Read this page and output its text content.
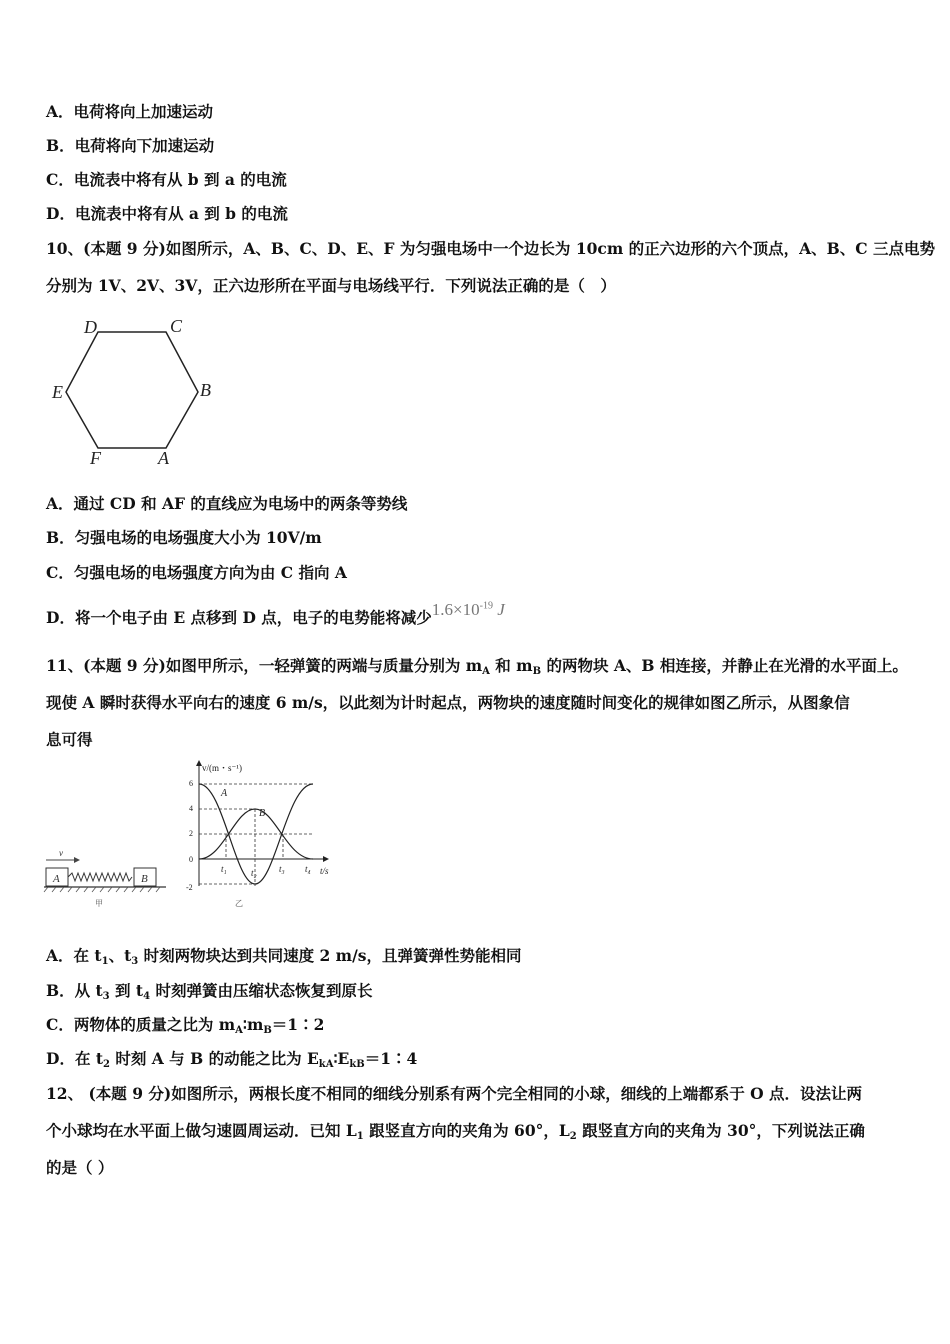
A．电荷将向上加速运动
B．电荷将向下加速运动
C．电流表中将有从 b 到 a 的电流
D．电流表中将有从 a 到 b 的电流
10、(本题 9 分)如图所示，A、B、C、D、E、F 为匀强电场中一个边长为 10cm 的正六边形的六个顶点，A、B、C 三点电势
分别为 1V、2V、3V，正六边形所在平面与电场线平行．下列说法正确的是（　）
D	C
E	B
F	A
A．通过 CD 和 AF 的直线应为电场中的两条等势线
B．匀强电场的电场强度大小为 10V/m
C．匀强电场的电场强度方向为由 C 指向 A
D．将一个电子由 E 点移到 D 点，电子的电势能将减少$1.6\times 10^{-19}$ J
11、(本题 9 分)如图甲所示，一轻弹簧的两端与质量分别为 $m_A$ 和 $m_B$ 的两物块 A、B 相连接，并静止在光滑的水平面上。
现使 A 瞬时获得水平向右的速度 6 m/s，以此刻为计时起点，两物块的速度随时间变化的规律如图乙所示，从图象信
息可得
v
A	B
甲
v/(m・s⁻¹)
t/s
6
4
2
0
-2
A
B
t₁	t₂ t₃ t₄
乙
A．在 $t_1$、$t_3$ 时刻两物块达到共同速度 2 m/s，且弹簧弹性势能相同
B．从 $t_3$ 到 $t_4$ 时刻弹簧由压缩状态恢复到原长
C．两物体的质量之比为 $m_A∶m_B=1∶2$
D．在 $t_2$ 时刻 A 与 B 的动能之比为 $E_{kA}∶E_{kB}=1∶4$
12、 (本题 9 分)如图所示，两根长度不相同的细线分别系有两个完全相同的小球，细线的上端都系于 O 点．设法让两
个小球均在水平面上做匀速圆周运动．已知 $L_1$ 跟竖直方向的夹角为 60°，$L_2$ 跟竖直方向的夹角为 30°，下列说法正确
的是（ ）
